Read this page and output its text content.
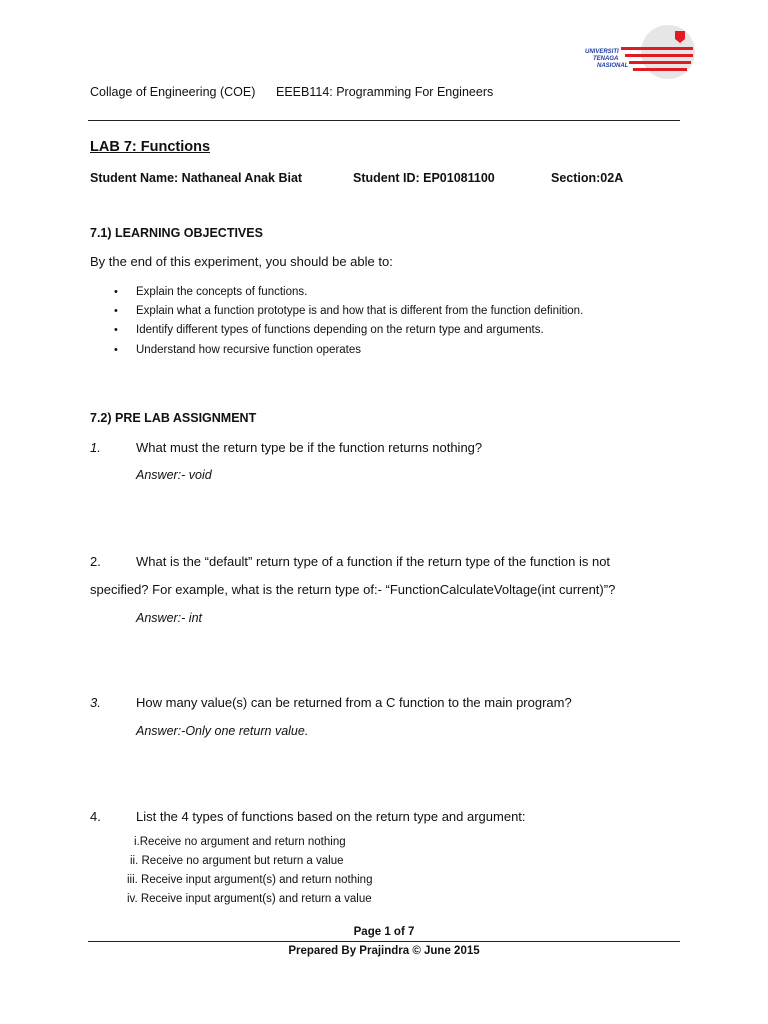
UNIVERSITI
TENAGA
NASIONAL
Collage of Engineering (COE) EEEB114: Programming For Engineers
LAB 7: Functions
Student Name: Nathaneal Anak Biat	Student ID: EP01081100	Section:02A
7.1) LEARNING OBJECTIVES
By the end of this experiment, you should be able to:
• Explain the concepts of functions.
• Explain what a function prototype is and how that is different from the function definition.
• Identify different types of functions depending on the return type and arguments.
• Understand how recursive function operates
7.2) PRE LAB ASSIGNMENT
1.	What must the return type be if the function returns nothing?
Answer:- void
2.	What is the “default” return type of a function if the return type of the function is not
specified? For example, what is the return type of:- “FunctionCalculateVoltage(int current)”?
Answer:- int
3.	How many value(s) can be returned from a C function to the main program?
Answer:-Only one return value.
4.	List the 4 types of functions based on the return type and argument:
i.Receive no argument and return nothing
ii. Receive no argument but return a value
iii. Receive input argument(s) and return nothing
iv. Receive input argument(s) and return a value
Page 1 of 7
Prepared By Prajindra © June 2015
